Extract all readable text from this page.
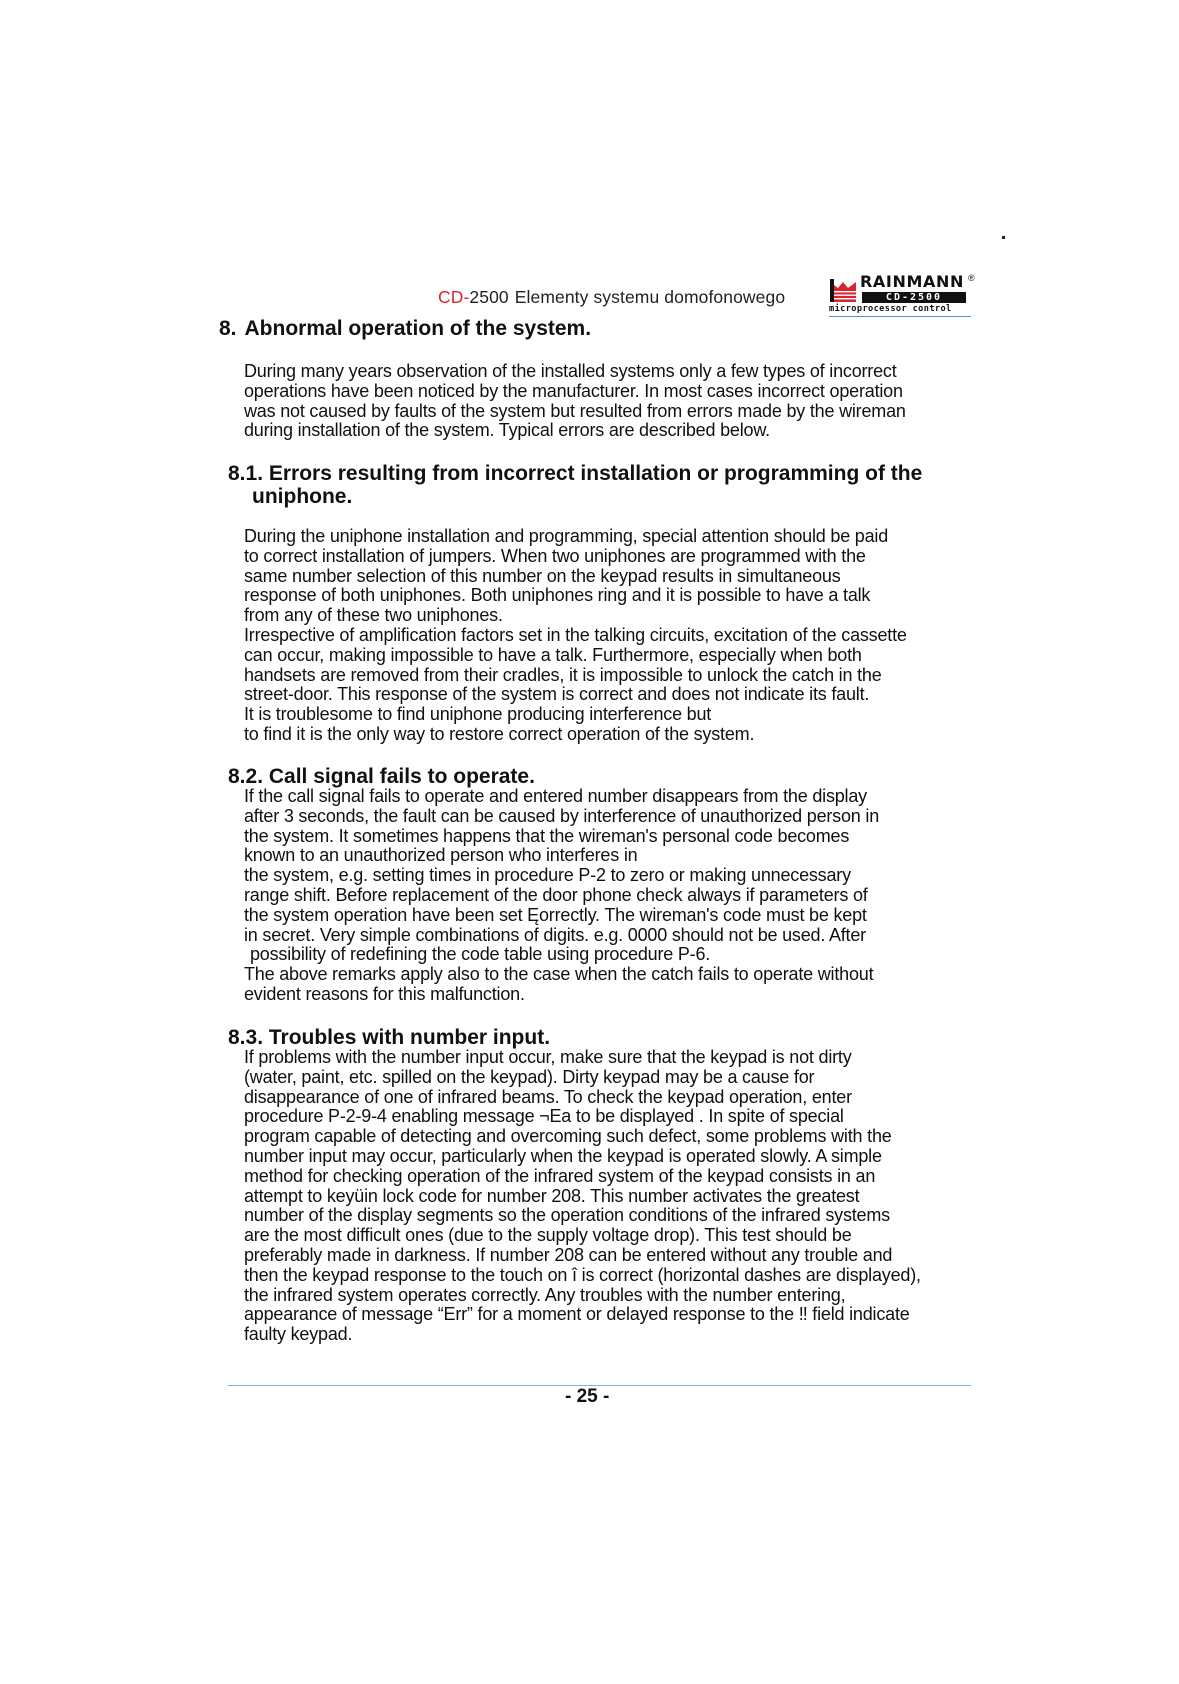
CD-2500 Elementy systemu domofonowego
RAINMANN ®
CD-2500
microprocessor control
8. Abnormal operation of the system.
During many years observation of the installed systems only a few types of incorrect
operations have been noticed by the manufacturer. In most cases incorrect operation
was not caused by faults of the system but resulted from errors made by the wireman
during installation of the system. Typical errors are described below.
8.1. Errors resulting from incorrect installation or programming of the
uniphone.
During the uniphone installation and programming, special attention should be paid
to correct installation of jumpers. When two uniphones are programmed with the
same number selection of this number on the keypad results in simultaneous
response of both uniphones. Both uniphones ring and it is possible to have a talk
from any of these two uniphones.
Irrespective of amplification factors set in the talking circuits, excitation of the cassette
can occur, making impossible to have a talk. Furthermore, especially when both
handsets are removed from their cradles, it is impossible to unlock the catch in the
street-door. This response of the system is correct and does not indicate its fault.
It is troublesome to find uniphone producing interference but
to find it is the only way to restore correct operation of the system.
8.2. Call signal fails to operate.
If the call signal fails to operate and entered number disappears from the display
after 3 seconds, the fault can be caused by interference of unauthorized person in
the system. It sometimes happens that the wireman's personal code becomes
known to an unauthorized person who interferes in
the system, e.g. setting times in procedure P-2 to zero or making unnecessary
range shift. Before replacement of the door phone check always if parameters of
the system operation have been set Ęorrectly. The wireman's code must be kept
in secret. Very simple combinations of digits. e.g. 0000 should not be used. After
possibility of redefining the code table using procedure P-6.
The above remarks apply also to the case when the catch fails to operate without
evident reasons for this malfunction.
8.3. Troubles with number input.
If problems with the number input occur, make sure that the keypad is not dirty
(water, paint, etc. spilled on the keypad). Dirty keypad may be a cause for
disappearance of one of infrared beams. To check the keypad operation, enter
procedure P-2-9-4 enabling message ¬Ea to be displayed . In spite of special
program capable of detecting and overcoming such defect, some problems with the
number input may occur, particularly when the keypad is operated slowly. A simple
method for checking operation of the infrared system of the keypad consists in an
attempt to keyüin lock code for number 208. This number activates the greatest
number of the display segments so the operation conditions of the infrared systems
are the most difficult ones (due to the supply voltage drop). This test should be
preferably made in darkness. If number 208 can be entered without any trouble and
then the keypad response to the touch on î is correct (horizontal dashes are displayed),
the infrared system operates correctly. Any troubles with the number entering,
appearance of message “Err” for a moment or delayed response to the ‼ field indicate
faulty keypad.
- 25 -
